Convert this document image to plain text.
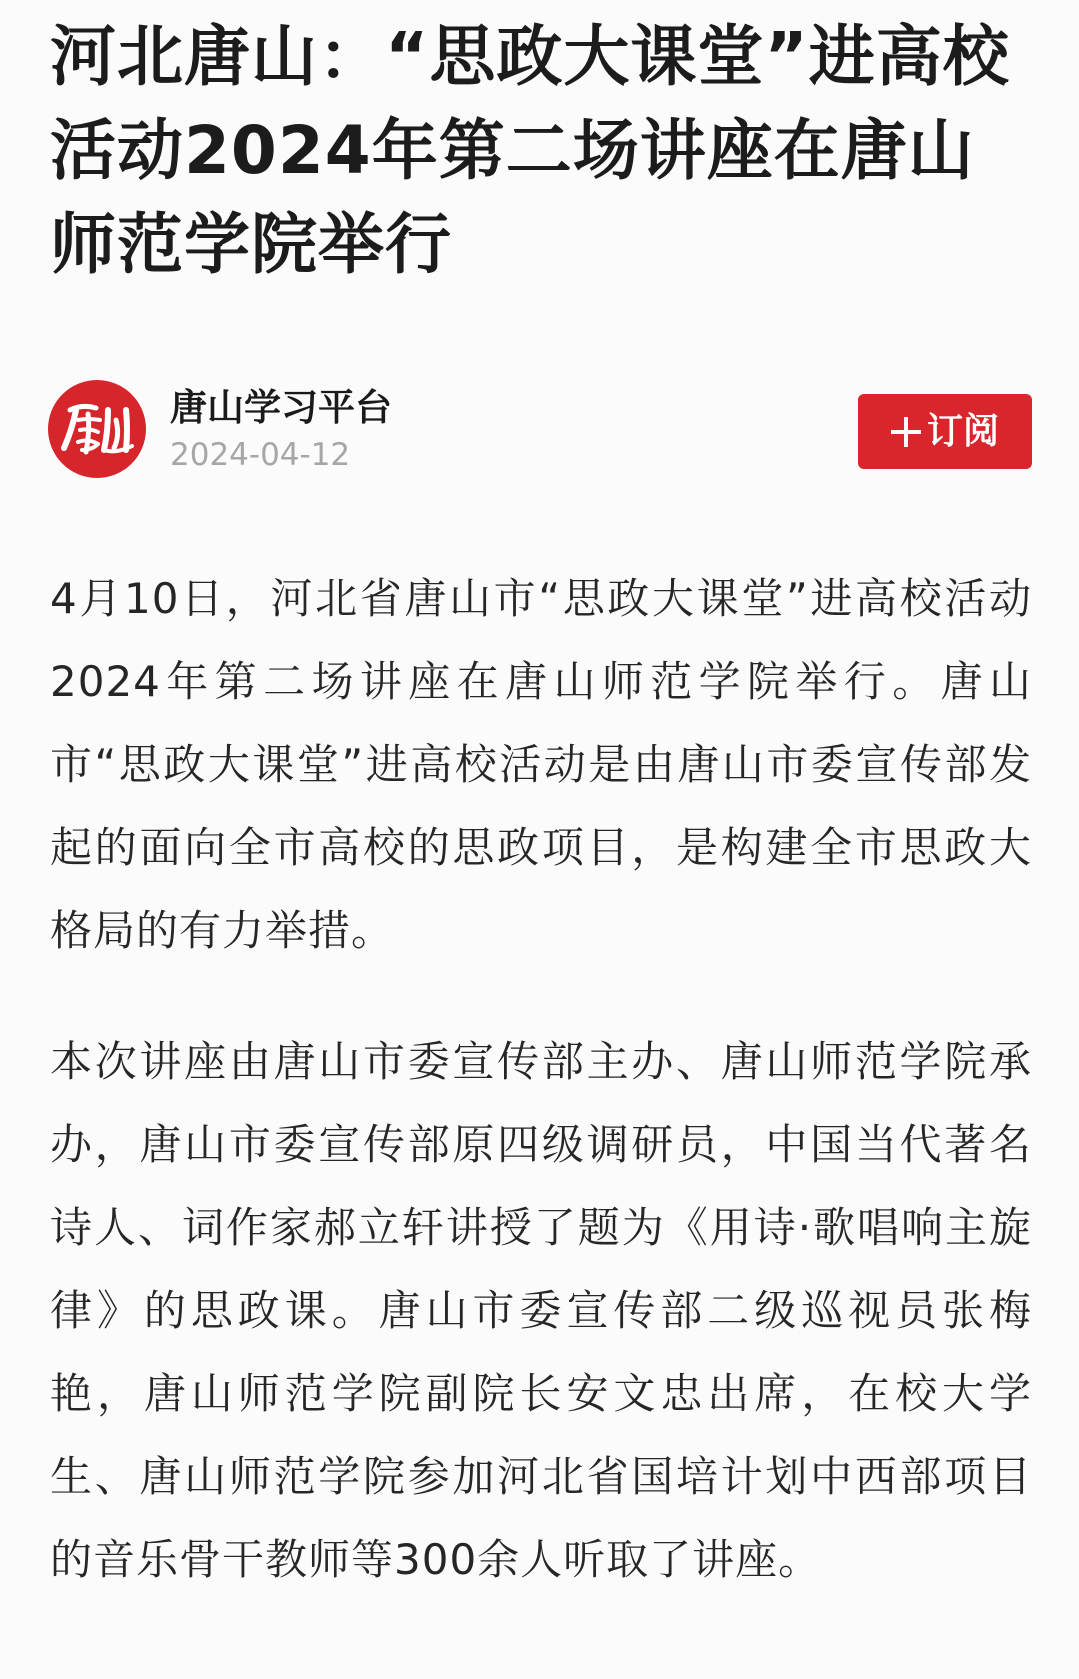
河北唐山：“思政大课堂”进高校活动2024年第二场讲座在唐山师范学院举行
唐山学习平台
2024-04-12
订阅

4月10日，河北省唐山市“思政大课堂”进高校活动2024年第二场讲座在唐山师范学院举行。唐山市“思政大课堂”进高校活动是由唐山市委宣传部发起的面向全市高校的思政项目，是构建全市思政大格局的有力举措。

本次讲座由唐山市委宣传部主办、唐山师范学院承办，唐山市委宣传部原四级调研员，中国当代著名诗人、词作家郝立轩讲授了题为《用诗·歌唱响主旋律》的思政课。唐山市委宣传部二级巡视员张梅艳，唐山师范学院副院长安文忠出席，在校大学生、唐山师范学院参加河北省国培计划中西部项目的音乐骨干教师等300余人听取了讲座。
